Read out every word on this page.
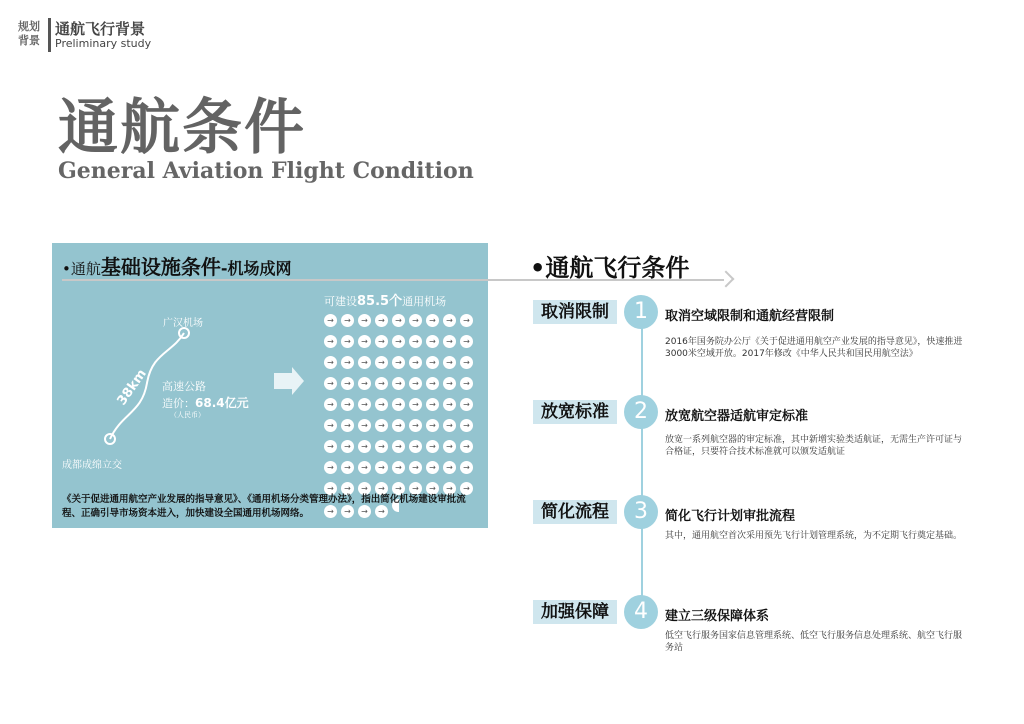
规划
背景
通航飞行背景
Preliminary study
通航条件
General Aviation Flight Condition
•通航基础设施条件-机场成网
广汉机场
成都成绵立交
38km 高速公路
造价：68.4亿元
（人民币）
可建设85.5个通用机场
→ → → → → → → → →→ → → → → → → → →→ → → → → → → → →→ → → → → → → → →→ → → → → → → → →→ → → → → → → → →→ → → → → → → → →→ → → → → → → → →→ → → → → → → → →→ → → →
《关于促进通用航空产业发展的指导意见》、《通用机场分类管理办法》，指出简化机场建设审批流程、正确引导市场资本进入，加快建设全国通用机场网络。
•通航飞行条件
取消限制	1	取消空域限制和通航经营限制
2016年国务院办公厅《关于促进通用航空产业发展的指导意见》，快速推进3000米空域开放。2017年修改《中华人民共和国民用航空法》
放宽标准	2	放宽航空器适航审定标准
放宽一系列航空器的审定标准，其中新增实验类适航证，无需生产许可证与合格证，只要符合技术标准就可以颁发适航证
简化流程	3	简化飞行计划审批流程
其中，通用航空首次采用预先飞行计划管理系统，为不定期飞行奠定基础。
加强保障	4	建立三级保障体系
低空飞行服务国家信息管理系统、低空飞行服务信息处理系统、航空飞行服务站
